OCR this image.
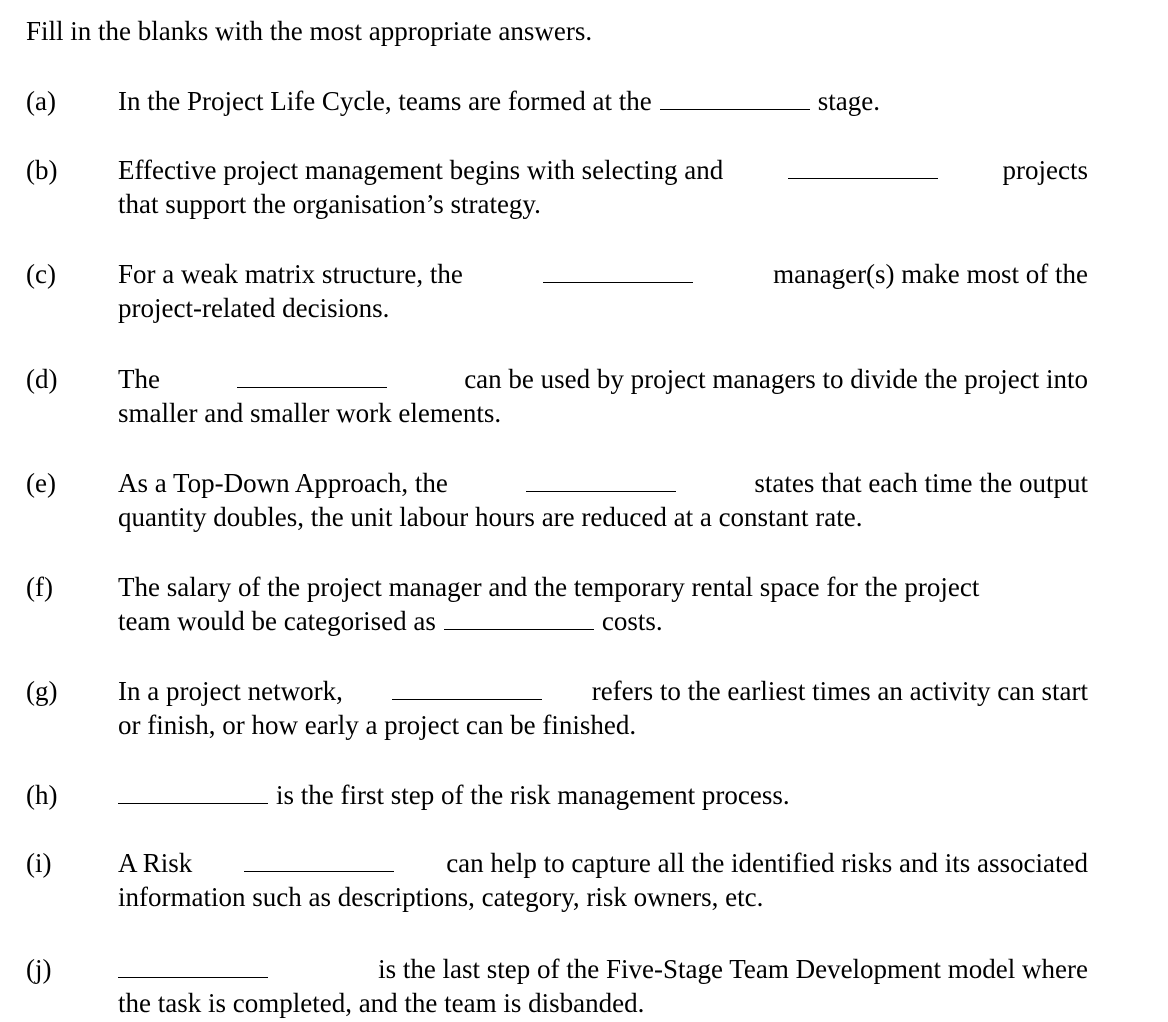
Fill in the blanks with the most appropriate answers.
(a) In the Project Life Cycle, teams are formed at the	stage.
(b) Effective project management begins with selecting and	projects
that support the organisation’s strategy.
(c) For a weak matrix structure, the	manager(s) make most of the
project-related decisions.
(d) The	can be used by project managers to divide the project into
smaller and smaller work elements.
(e) As a Top-Down Approach, the	states that each time the output
quantity doubles, the unit labour hours are reduced at a constant rate.
(f) The salary of the project manager and the temporary rental space for the project
team would be categorised as	costs.
(g) In a project network,	refers to the earliest times an activity can start
or finish, or how early a project can be finished.
(h)	is the first step of the risk management process.
(i) A Risk	can help to capture all the identified risks and its associated
information such as descriptions, category, risk owners, etc.
(j)	is the last step of the Five-Stage Team Development model where
the task is completed, and the team is disbanded.
